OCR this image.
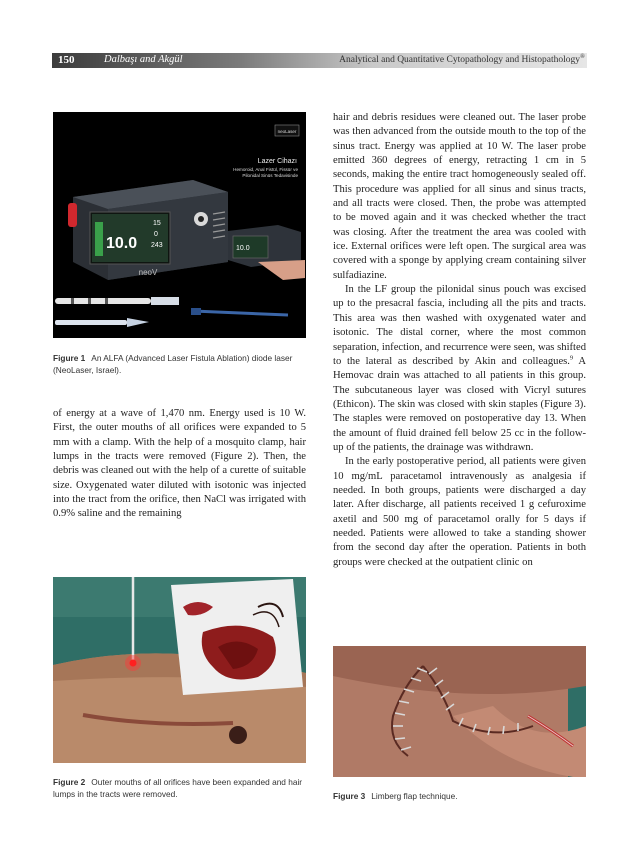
150	Dalbaşı and Akgül	Analytical and Quantitative Cytopathology and Histopathology®
neoLaser
Lazer Cihazı
Hemoroid, Anal Fistül, Fissür ve Pilonidal Sinüs Tedavisinde
10.0
15
0
243
neoV
10.0
Figure 1 An ALFA (Advanced Laser Fistula Ablation) diode laser (NeoLaser, Israel).

of energy at a wave of 1,470 nm. Energy used is 10 W. First, the outer mouths of all orifices were expanded to 5 mm with a clamp. With the help of a mosquito clamp, hair lumps in the tracts were removed (Figure 2). Then, the debris was cleaned out with the help of a curette of suitable size. Oxygenated water diluted with isotonic was injected into the tract from the orifice, then NaCl was irrigated with 0.9% saline and the remaining

Figure 2 Outer mouths of all orifices have been expanded and hair lumps in the tracts were removed.

hair and debris residues were cleaned out. The laser probe was then advanced from the outside mouth to the top of the sinus tract. Energy was applied at 10 W. The laser probe emitted 360 degrees of energy, retracting 1 cm in 5 seconds, making the entire tract homogeneously sealed off. This procedure was applied for all sinus and sinus tracts, and all tracts were closed. Then, the probe was attempted to be moved again and it was checked whether the tract was closing. After the treatment the area was cooled with ice. External orifices were left open. The surgical area was covered with a sponge by applying cream containing silver sulfadiazine.

In the LF group the pilonidal sinus pouch was excised up to the presacral fascia, including all the pits and tracts. This area was then washed with oxygenated water and isotonic. The distal corner, where the most common separation, infection, and recurrence were seen, was shifted to the lateral as described by Akin and colleagues.$^9$ A Hemovac drain was attached to all patients in this group. The subcutaneous layer was closed with Vicryl sutures (Ethicon). The skin was closed with skin staples (Figure 3). The staples were removed on postoperative day 13. When the amount of fluid drained fell below 25 cc in the follow-up of the patients, the drainage was withdrawn.

In the early postoperative period, all patients were given 10 mg/mL paracetamol intravenously as analgesia if needed. In both groups, patients were discharged a day later. After discharge, all patients received 1 g cefuroxime axetil and 500 mg of paracetamol orally for 5 days if needed. Patients were allowed to take a standing shower from the second day after the operation. Patients in both groups were checked at the outpatient clinic on

Figure 3 Limberg flap technique.
